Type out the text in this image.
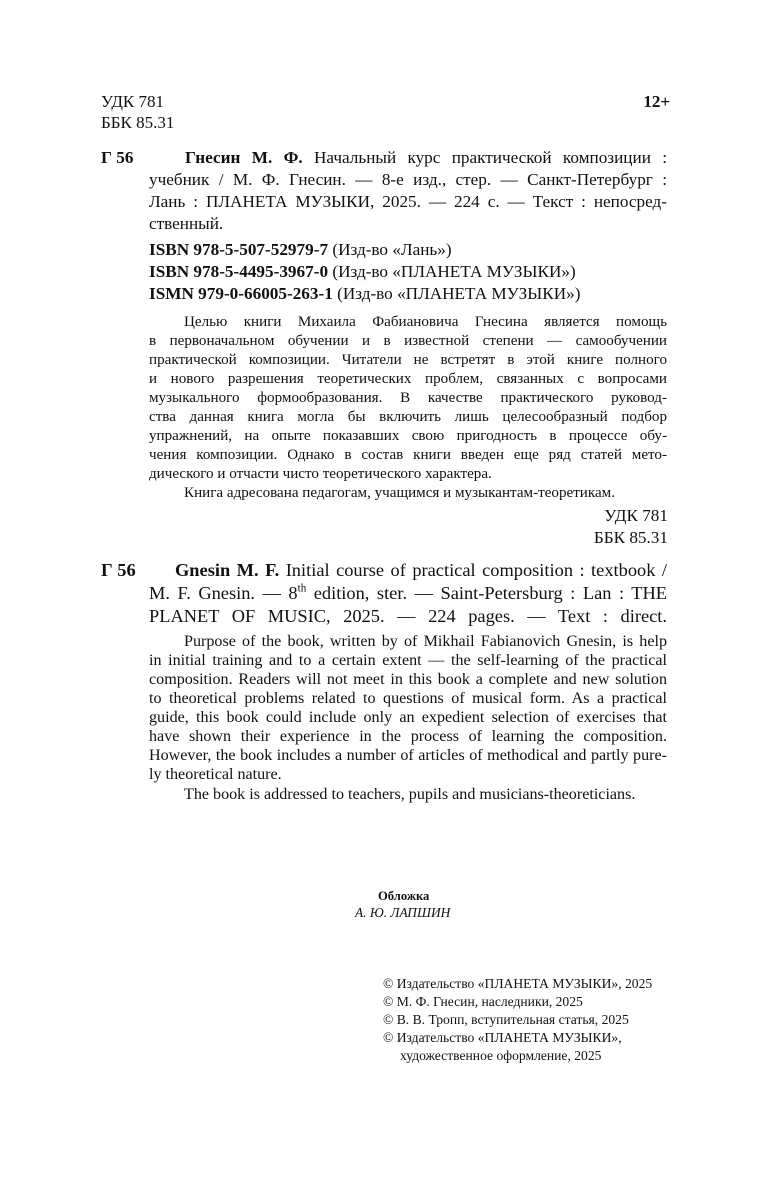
УДК 781
ББК 85.31
12+
Г 56	Гнесин М. Ф. Начальный курс практической композиции :
учебник / М. Ф. Гнесин. — 8-е изд., стер. — Санкт-Петербург :
Лань : ПЛАНЕТА МУЗЫКИ, 2025. — 224 с. — Текст : непосред-
ственный.
ISBN 978-5-507-52979-7 (Изд-во «Лань»)
ISBN 978-5-4495-3967-0 (Изд-во «ПЛАНЕТА МУЗЫКИ»)
ISMN 979-0-66005-263-1 (Изд-во «ПЛАНЕТА МУЗЫКИ»)
Целью книги Михаила Фабиановича Гнесина является помощь
в первоначальном обучении и в известной степени — самообучении
практической композиции. Читатели не встретят в этой книге полного
и нового разрешения теоретических проблем, связанных с вопросами
музыкального формообразования. В качестве практического руковод-
ства данная книга могла бы включить лишь целесообразный подбор
упражнений, на опыте показавших свою пригодность в процессе обу-
чения композиции. Однако в состав книги введен еще ряд статей мето-
дического и отчасти чисто теоретического характера.
Книга адресована педагогам, учащимся и музыкантам-теоретикам.
УДК 781
ББК 85.31
Г 56 Gnesin M. F. Initial course of practical composition : textbook /
M. F. Gnesin. — 8th edition, ster. — Saint-Petersburg : Lan : THE
PLANET OF MUSIC, 2025. — 224 pages. — Text : direct.
Purpose of the book, written by of Mikhail Fabianovich Gnesin, is help
in initial training and to a certain extent — the self-learning of the practical
composition. Readers will not meet in this book a complete and new solution
to theoretical problems related to questions of musical form. As a practical
guide, this book could include only an expedient selection of exercises that
have shown their experience in the process of learning the composition.
However, the book includes a number of articles of methodical and partly pure-
ly theoretical nature.
The book is addressed to teachers, pupils and musicians-theoreticians.
Обложка
А. Ю. ЛАПШИН
© Издательство «ПЛАНЕТА МУЗЫКИ», 2025
© М. Ф. Гнесин, наследники, 2025
© В. В. Тропп, вступительная статья, 2025
© Издательство «ПЛАНЕТА МУЗЫКИ»,
художественное оформление, 2025
